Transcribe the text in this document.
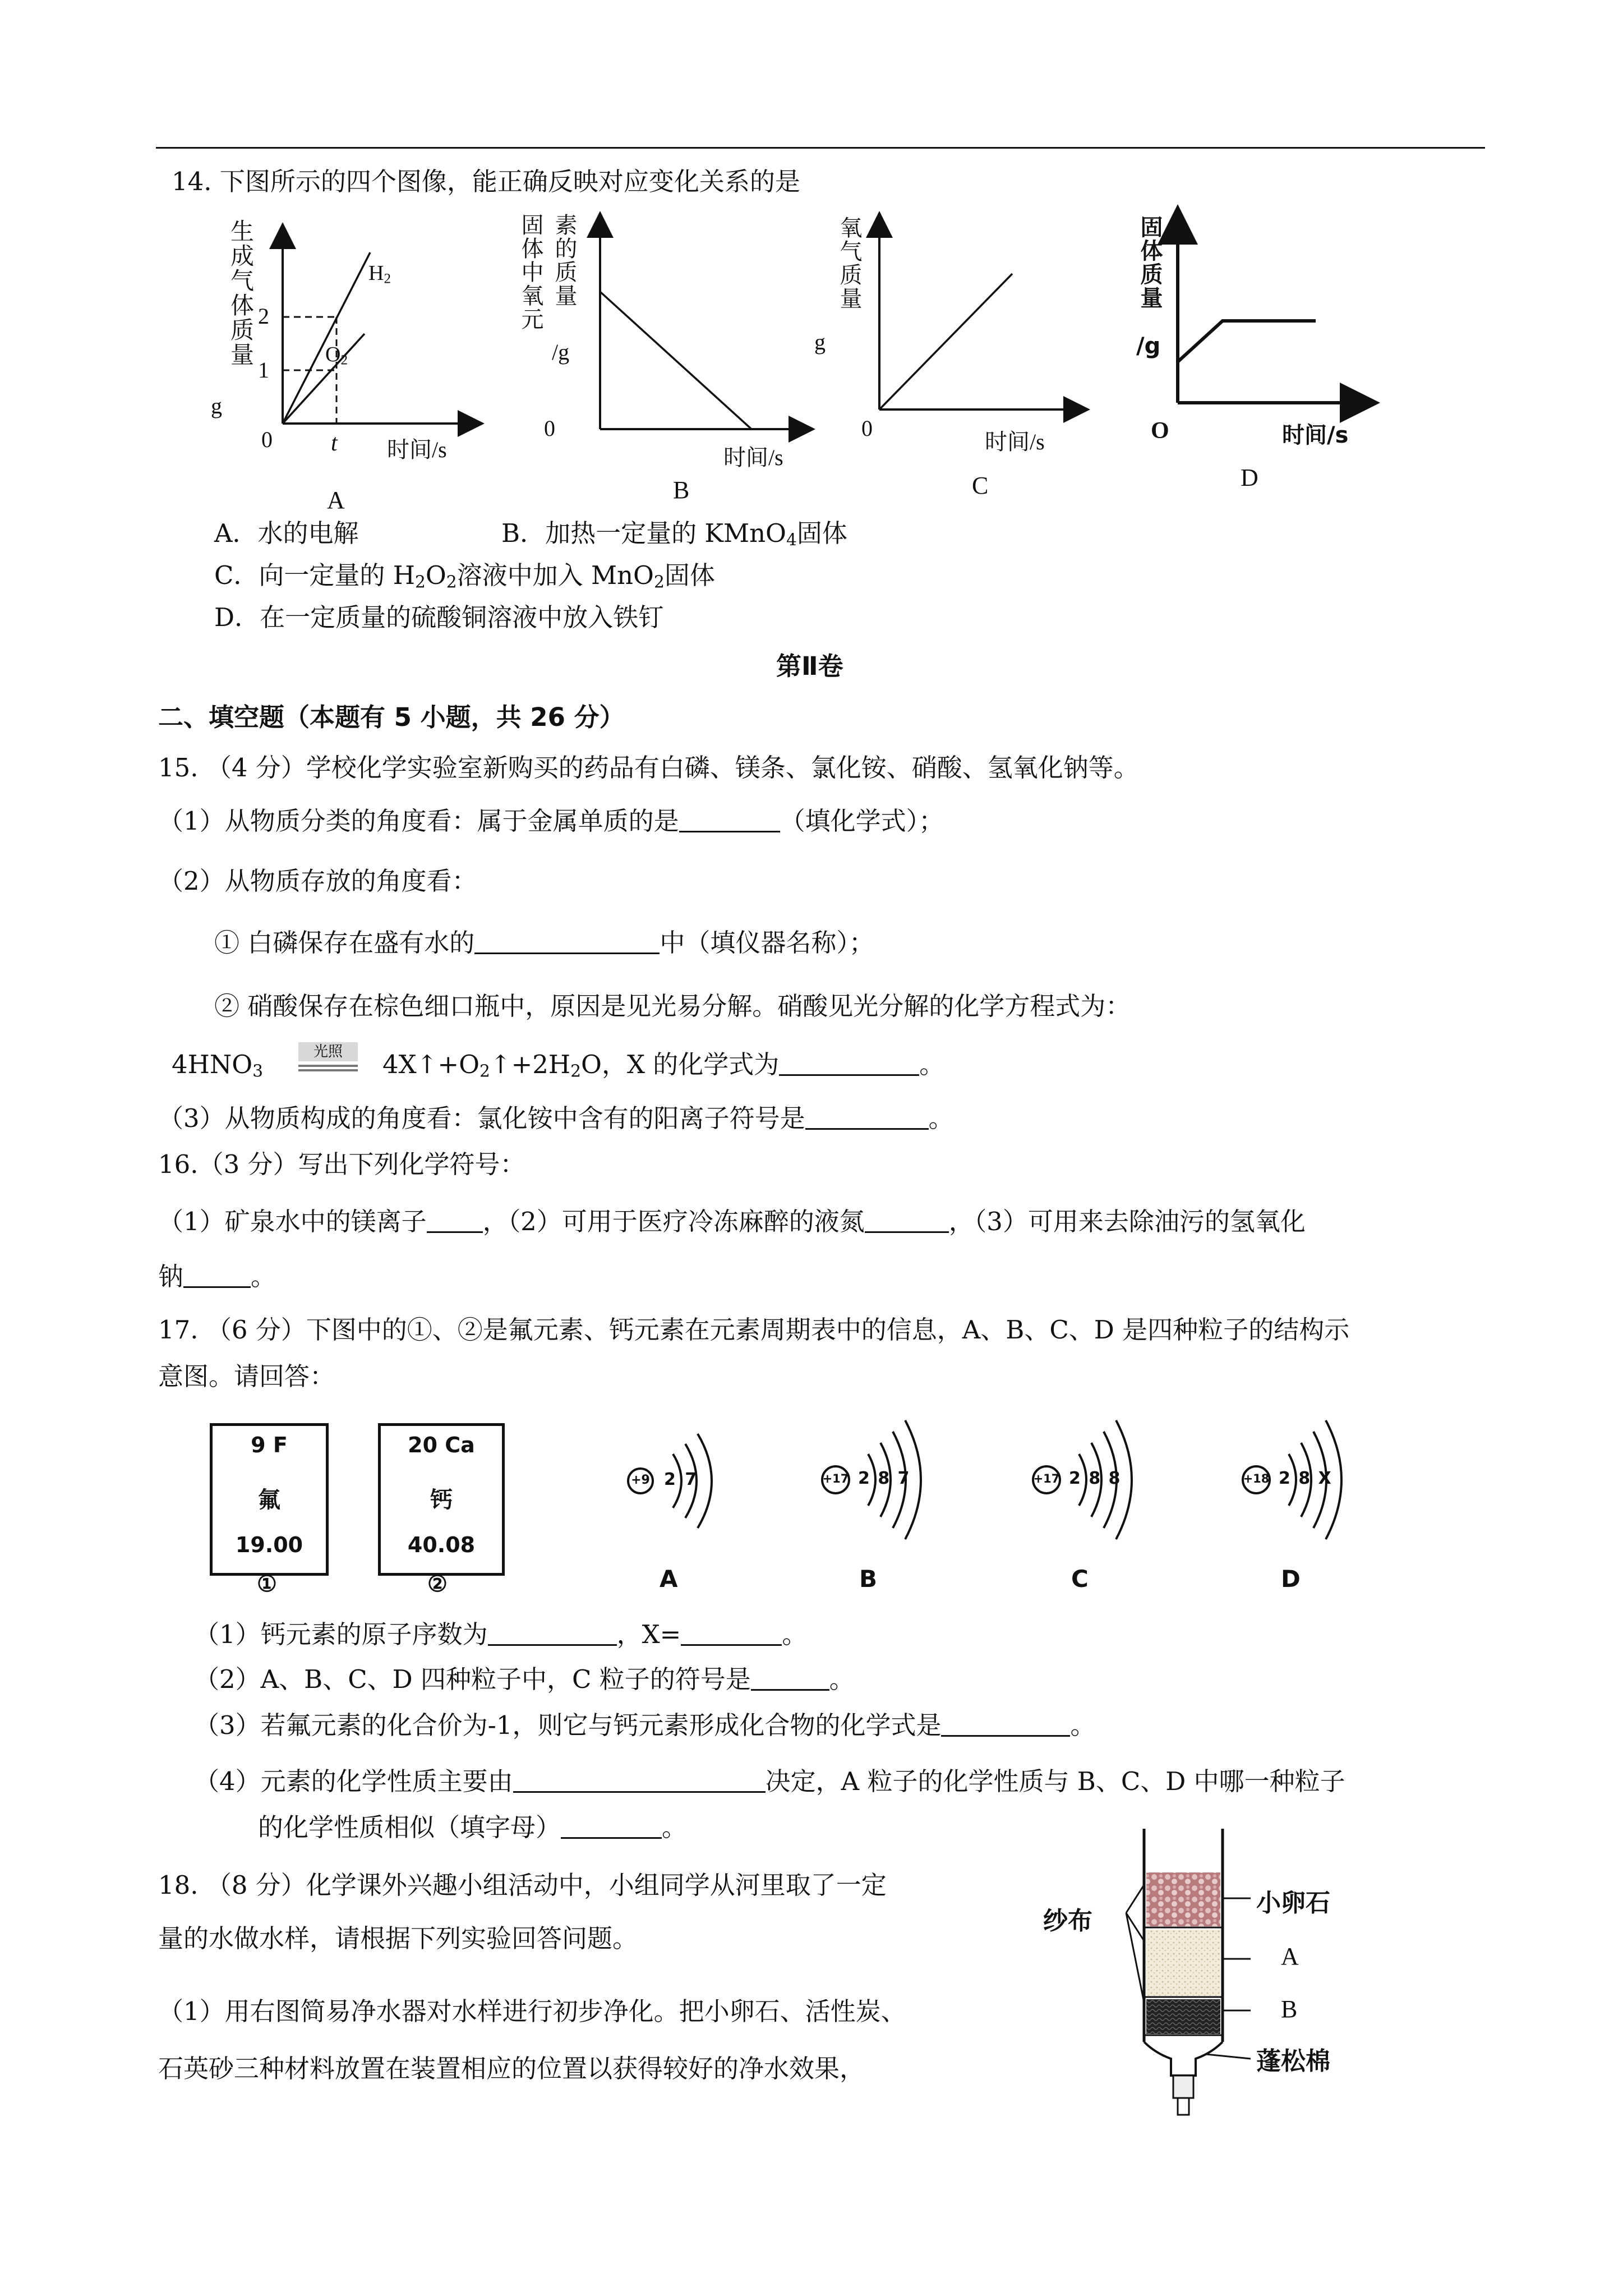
14. 下图所示的四个图像，能正确反映对应变化关系的是
生成气体质量
g
$H_2$
$O_2$
2
1
0 t 时间/s
A
固体中氧元 素的质量
/g
0
时间/s
B
氧气质量
g
0
时间/s
C
固体质量
/g
O	时间/s
D
A．水的电解	B．加热一定量的 KMnO$_4$固体
C．向一定量的 $H_2O_2$溶液中加入 MnO$_2$固体
D．在一定质量的硫酸铜溶液中放入铁钉
第Ⅱ卷
二、填空题（本题有 5 小题，共 26 分）
15. （4 分）学校化学实验室新购买的药品有白磷、镁条、氯化铵、硝酸、氢氧化钠等。
（1）从物质分类的角度看：属于金属单质的是	（填化学式）；
（2）从物质存放的角度看：
① 白磷保存在盛有水的	中（填仪器名称）；
② 硝酸保存在棕色细口瓶中，原因是见光易分解。硝酸见光分解的化学方程式为：
$4HNO_3$
光照	$4X↑+O_2↑+2H_2O$，X 的化学式为	。
（3）从物质构成的角度看：氯化铵中含有的阳离子符号是	。
16.（3 分）写出下列化学符号：
（1）矿泉水中的镁离子 ，（2）可用于医疗冷冻麻醉的液氮	，（3）可用来去除油污的氢氧化
钠	。
17. （6 分）下图中的①、②是氟元素、钙元素在元素周期表中的信息，A、B、C、D 是四种粒子的结构示
意图。请回答：
9 F
氟
19.00
①
20 Ca
钙
40.08
②
+9 2 7
A
+17 2 8 7
B
+17 2 8 8
C
+18 2 8 X
D
（1）钙元素的原子序数为	，X=	。
（2）A、B、C、D 四种粒子中，C 粒子的符号是	。
（3）若氟元素的化合价为-1，则它与钙元素形成化合物的化学式是	。
（4）元素的化学性质主要由	决定，A 粒子的化学性质与 B、C、D 中哪一种粒子
的化学性质相似（填字母）	。
18. （8 分）化学课外兴趣小组活动中，小组同学从河里取了一定
量的水做水样，请根据下列实验回答问题。
（1）用右图简易净水器对水样进行初步净化。把小卵石、活性炭、
石英砂三种材料放置在装置相应的位置以获得较好的净水效果，
小卵石
纱布
A
B
蓬松棉
